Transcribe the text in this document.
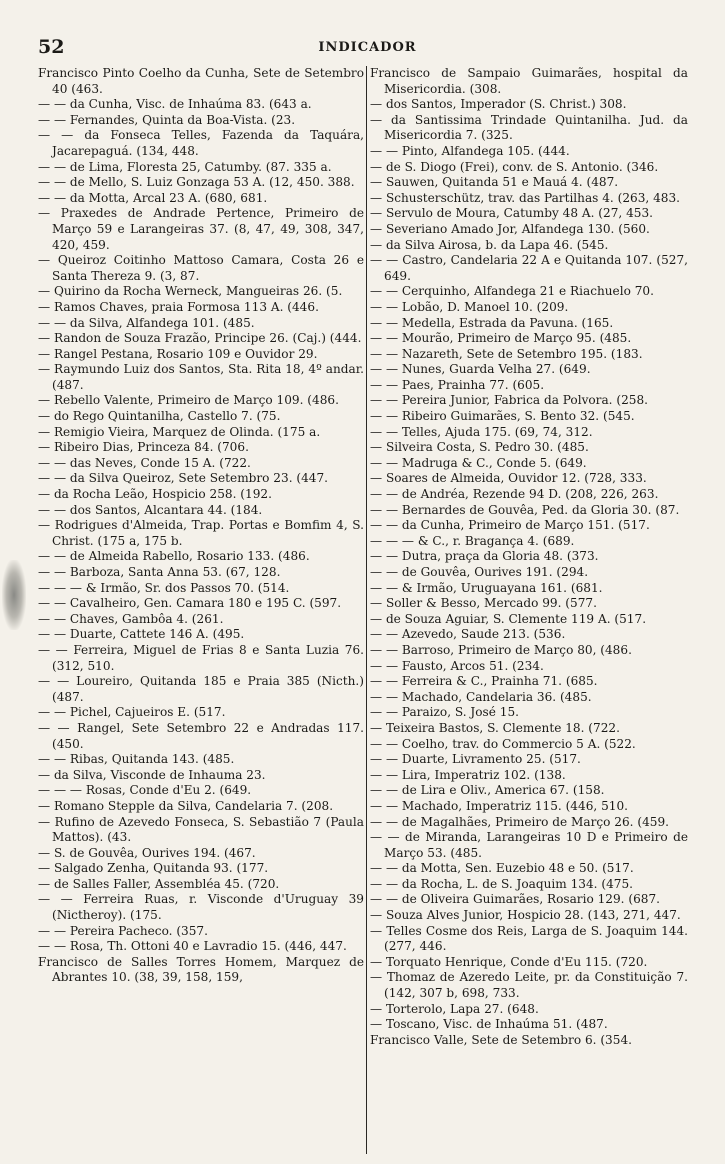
52	INDICADOR

Francisco Pinto Coelho da Cunha, Sete de Setembro 40 (463.

— — da Cunha, Visc. de Inhaúma 83. (643 a.

— — Fernandes, Quinta da Boa-Vista. (23.

— — da Fonseca Telles, Fazenda da Taquára, Jacarepaguá. (134, 448.

— — de Lima, Floresta 25, Catumby. (87. 335 a.

— — de Mello, S. Luiz Gonzaga 53 A. (12, 450. 388.

— — da Motta, Arcal 23 A. (680, 681.

— Praxedes de Andrade Pertence, Primeiro de Março 59 e Larangeiras 37. (8, 47, 49, 308, 347, 420, 459.

— Queiroz Coitinho Mattoso Camara, Costa 26 e Santa Thereza 9. (3, 87.

— Quirino da Rocha Werneck, Mangueiras 26. (5.

— Ramos Chaves, praia Formosa 113 A. (446.

— — da Silva, Alfandega 101. (485.

— Randon de Souza Frazão, Principe 26. (Caj.) (444.

— Rangel Pestana, Rosario 109 e Ouvidor 29.

— Raymundo Luiz dos Santos, Sta. Rita 18, 4º andar. (487.

— Rebello Valente, Primeiro de Março 109. (486.

— do Rego Quintanilha, Castello 7. (75.

— Remigio Vieira, Marquez de Olinda. (175 a.

— Ribeiro Dias, Princeza 84. (706.

— — das Neves, Conde 15 A. (722.

— — da Silva Queiroz, Sete Setembro 23. (447.

— da Rocha Leão, Hospicio 258. (192.

— — dos Santos, Alcantara 44. (184.

— Rodrigues d'Almeida, Trap. Portas e Bomfim 4, S. Christ. (175 a, 175 b.

— — de Almeida Rabello, Rosario 133. (486.

— — Barboza, Santa Anna 53. (67, 128.

— — — & Irmão, Sr. dos Passos 70. (514.

— — Cavalheiro, Gen. Camara 180 e 195 C. (597.

— — Chaves, Gambôa 4. (261.

— — Duarte, Cattete 146 A. (495.

— — Ferreira, Miguel de Frias 8 e Santa Luzia 76. (312, 510.

— — Loureiro, Quitanda 185 e Praia 385 (Nicth.) (487.

— — Pichel, Cajueiros E. (517.

— — Rangel, Sete Setembro 22 e Andradas 117. (450.

— — Ribas, Quitanda 143. (485.

— da Silva, Visconde de Inhauma 23.

— — — Rosas, Conde d'Eu 2. (649.

— Romano Stepple da Silva, Candelaria 7. (208.

— Rufino de Azevedo Fonseca, S. Sebastião 7 (Paula Mattos). (43.

— S. de Gouvêa, Ourives 194. (467.

— Salgado Zenha, Quitanda 93. (177.

— de Salles Faller, Assembléa 45. (720.

— — Ferreira Ruas, r. Visconde d'Uruguay 39 (Nictheroy). (175.

— — Pereira Pacheco. (357.

— — Rosa, Th. Ottoni 40 e Lavradio 15. (446, 447.

Francisco de Salles Torres Homem, Marquez de Abrantes 10. (38, 39, 158, 159,

Francisco de Sampaio Guimarães, hospital da Misericordia. (308.

— dos Santos, Imperador (S. Christ.) 308.

— da Santissima Trindade Quintanilha. Jud. da Misericordia 7. (325.

— — Pinto, Alfandega 105. (444.

— de S. Diogo (Frei), conv. de S. Antonio. (346.

— Sauwen, Quitanda 51 e Mauá 4. (487.

— Schusterschütz, trav. das Partilhas 4. (263, 483.

— Servulo de Moura, Catumby 48 A. (27, 453.

— Severiano Amado Jor, Alfandega 130. (560.

— da Silva Airosa, b. da Lapa 46. (545.

— — Castro, Candelaria 22 A e Quitanda 107. (527, 649.

— — Cerquinho, Alfandega 21 e Riachuelo 70.

— — Lobão, D. Manoel 10. (209.

— — Medella, Estrada da Pavuna. (165.

— — Mourão, Primeiro de Março 95. (485.

— — Nazareth, Sete de Setembro 195. (183.

— — Nunes, Guarda Velha 27. (649.

— — Paes, Prainha 77. (605.

— — Pereira Junior, Fabrica da Polvora. (258.

— — Ribeiro Guimarães, S. Bento 32. (545.

— — Telles, Ajuda 175. (69, 74, 312.

— Silveira Costa, S. Pedro 30. (485.

— — Madruga & C., Conde 5. (649.

— Soares de Almeida, Ouvidor 12. (728, 333.

— — de Andréa, Rezende 94 D. (208, 226, 263.

— — Bernardes de Gouvêa, Ped. da Gloria 30. (87.

— — da Cunha, Primeiro de Março 151. (517.

— — — & C., r. Bragança 4. (689.

— — Dutra, praça da Gloria 48. (373.

— — de Gouvêa, Ourives 191. (294.

— — & Irmão, Uruguayana 161. (681.

— Soller & Besso, Mercado 99. (577.

— de Souza Aguiar, S. Clemente 119 A. (517.

— — Azevedo, Saude 213. (536.

— — Barroso, Primeiro de Março 80, (486.

— — Fausto, Arcos 51. (234.

— — Ferreira & C., Prainha 71. (685.

— — Machado, Candelaria 36. (485.

— — Paraizo, S. José 15.

— Teixeira Bastos, S. Clemente 18. (722.

— — Coelho, trav. do Commercio 5 A. (522.

— — Duarte, Livramento 25. (517.

— — Lira, Imperatriz 102. (138.

— — de Lira e Oliv., America 67. (158.

— — Machado, Imperatriz 115. (446, 510.

— — de Magalhães, Primeiro de Março 26. (459.

— — de Miranda, Larangeiras 10 D e Primeiro de Março 53. (485.

— — da Motta, Sen. Euzebio 48 e 50. (517.

— — da Rocha, L. de S. Joaquim 134. (475.

— — de Oliveira Guimarães, Rosario 129. (687.

— Souza Alves Junior, Hospicio 28. (143, 271, 447.

— Telles Cosme dos Reis, Larga de S. Joaquim 144. (277, 446.

— Torquato Henrique, Conde d'Eu 115. (720.

— Thomaz de Azeredo Leite, pr. da Constituição 7. (142, 307 b, 698, 733.

— Torterolo, Lapa 27. (648.

— Toscano, Visc. de Inhaúma 51. (487.

Francisco Valle, Sete de Setembro 6. (354.
